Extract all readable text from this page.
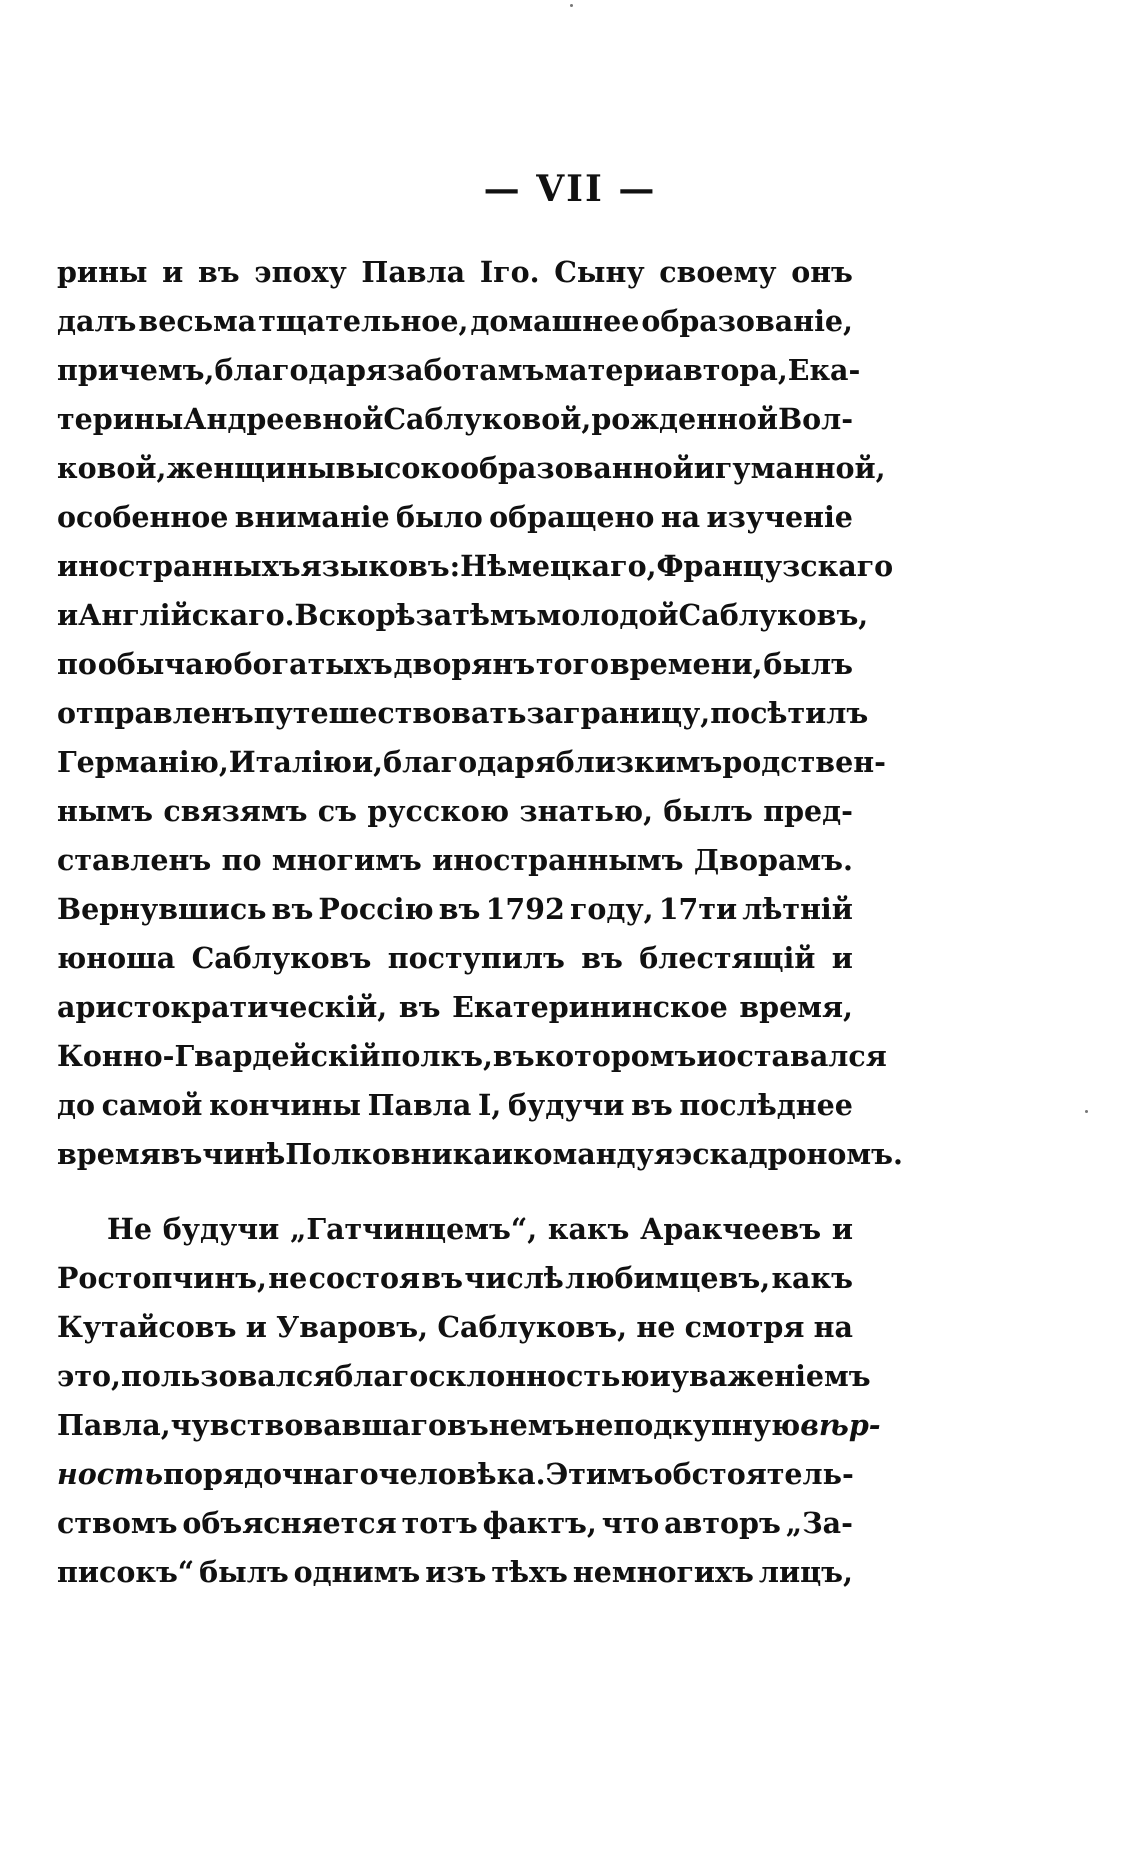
— VII —
рины и въ эпоху Павла Іго. Сыну своему онъ
далъ весьма тщательное, домашнее образованіе,
причемъ, благодаря заботамъ матери автора, Ека-
терины Андреевной Саблуковой, рожденной Вол-
ковой, женщины высоко образованной и гуманной,
особенное вниманіе было обращено на изученіе
иностранныхъ языковъ: Нѣмецкаго, Французскаго
и Англійскаго. Вскорѣ затѣмъ молодой Саблуковъ,
по обычаю богатыхъ дворянъ того времени, былъ
отправленъ путешествовать за границу, посѣтилъ
Германію, Италію и, благодаря близкимъ родствен-
нымъ связямъ съ русскою знатью, былъ пред-
ставленъ по многимъ иностраннымъ Дворамъ.
Вернувшись въ Россію въ 1792 году, 17ти лѣтній
юноша Саблуковъ поступилъ въ блестящій и
аристократическій, въ Екатерининское время,
Конно-Гвардейскій полкъ, въ которомъ и оставался
до самой кончины Павла I, будучи въ послѣднее
время въ чинѣ Полковника и командуя эскадрономъ.
Не будучи „Гатчинцемъ“, какъ Аракчеевъ и
Ростопчинъ, не состоя въ числѣ любимцевъ, какъ
Кутайсовъ и Уваровъ, Саблуковъ, не смотря на
это, пользовался благосклонностью и уваженіемъ
Павла, чувствовавшаго въ немъ неподкупную вѣр-
ность порядочнаго человѣка. Этимъ обстоятель-
ствомъ объясняется тотъ фактъ, что авторъ „За-
писокъ“ былъ однимъ изъ тѣхъ немногихъ лицъ,
